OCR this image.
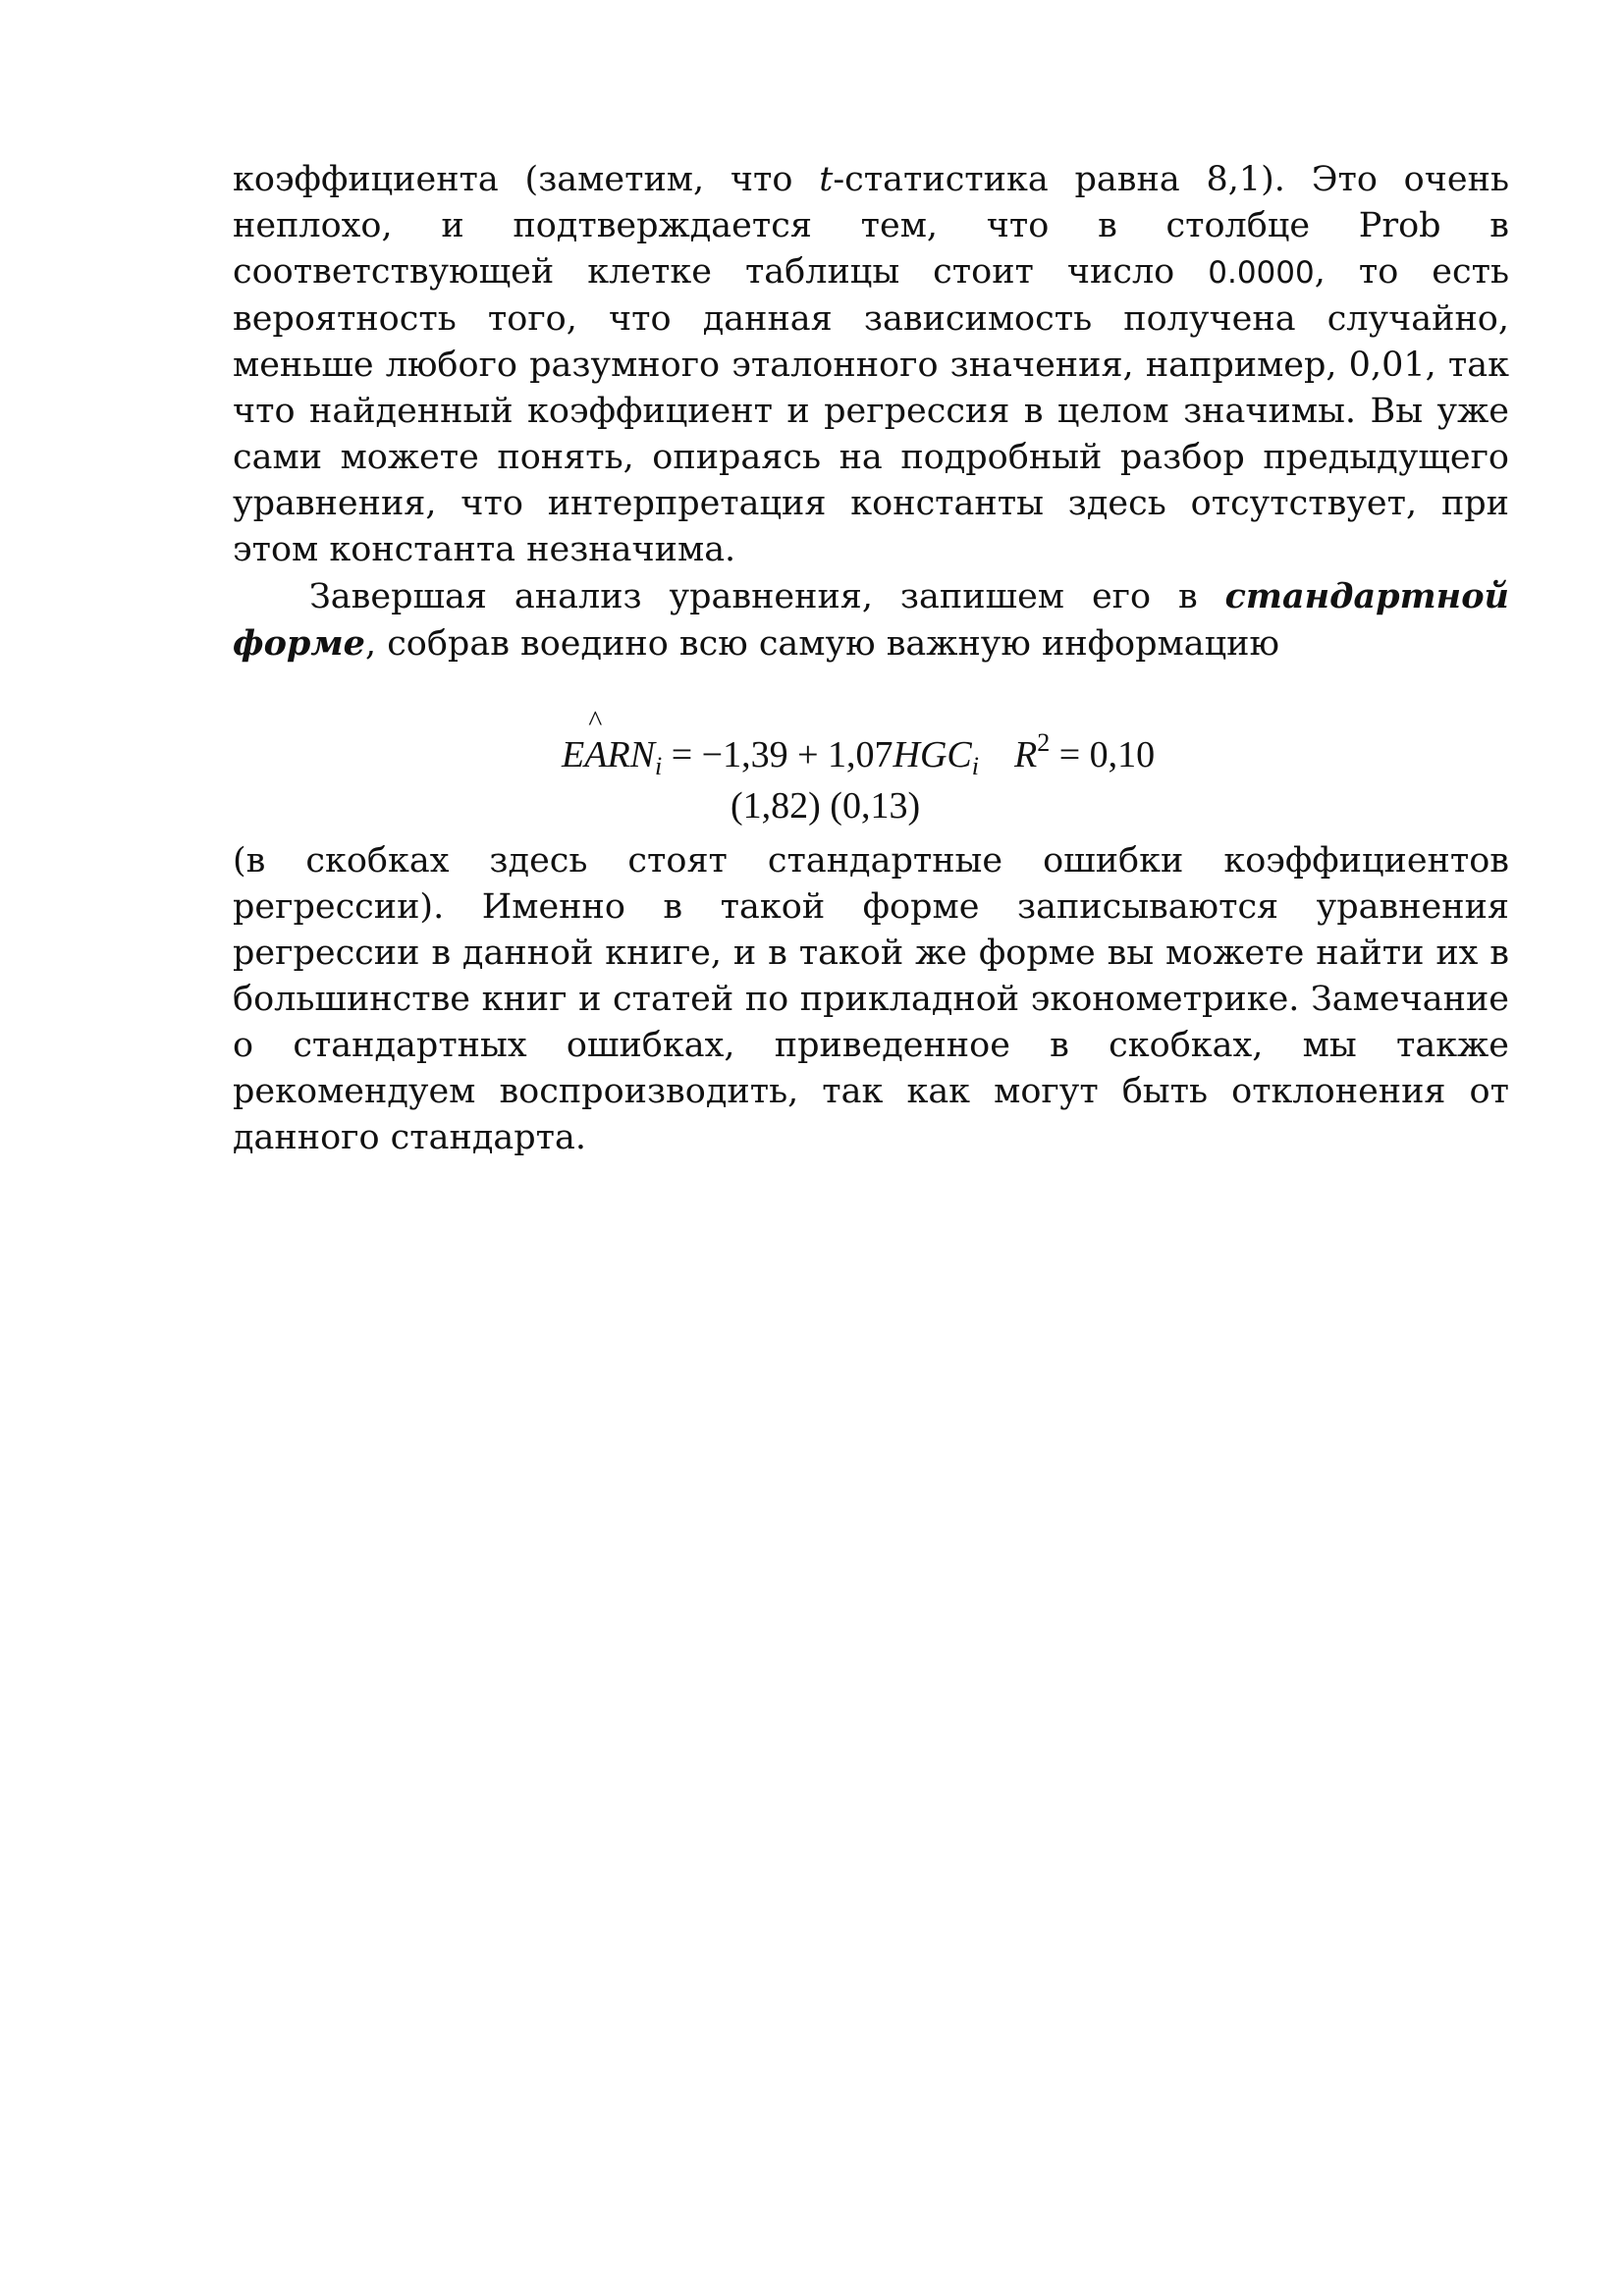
коэффициента (заметим, что t-статистика равна 8,1). Это очень неплохо, и подтверждается тем, что в столбце Prob в соответствующей клетке таблицы стоит число 0.0000, то есть вероятность того, что данная зависимость получена случайно, меньше любого разумного эталонного значения, например, 0,01, так что найденный коэффициент и регрессия в целом значимы. Вы уже сами можете понять, опираясь на подробный разбор предыдущего уравнения, что интерпретация константы здесь отсутствует, при этом константа незначима.

Завершая анализ уравнения, запишем его в стандартной форме, собрав воедино всю самую важную информацию

E
^
$ARN_i = -1,39 + 1,07HGC_i$ $R^2 = 0,10$
(1,82) (0,13)

(в скобках здесь стоят стандартные ошибки коэффициентов регрессии). Именно в такой форме записываются уравнения регрессии в данной книге, и в такой же форме вы можете найти их в большинстве книг и статей по прикладной эконометрике. Замечание о стандартных ошибках, приведенное в скобках, мы также рекомендуем воспроизводить, так как могут быть отклонения от данного стандарта.
